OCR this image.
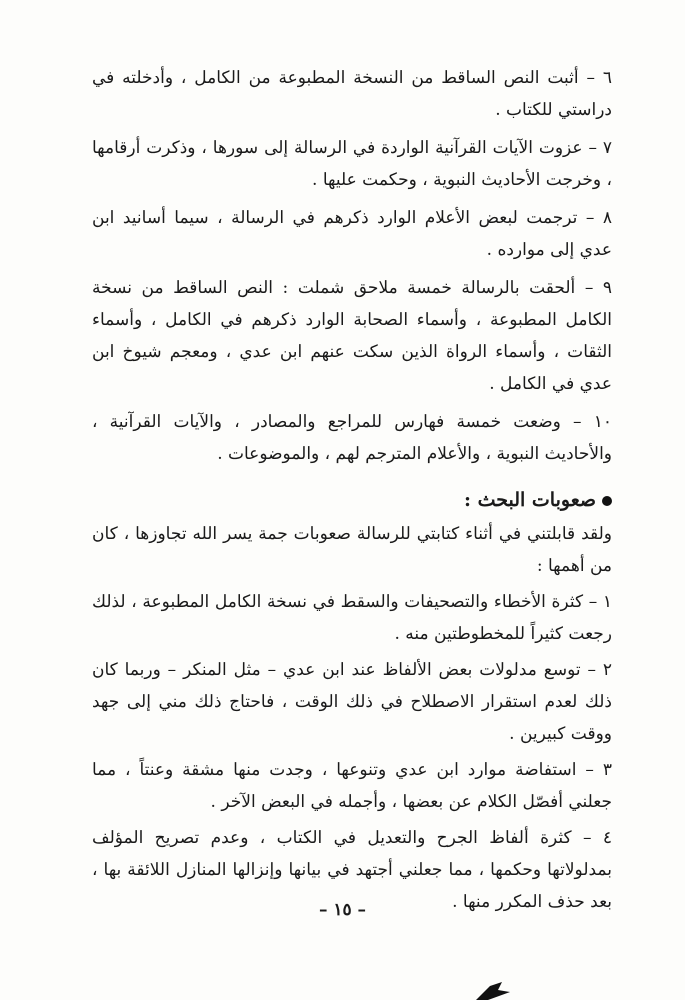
٦ – أثبت النص الساقط من النسخة المطبوعة من الكامل ، وأدخلته في دراستي للكتاب .

٧ – عزوت الآيات القرآنية الواردة في الرسالة إلى سورها ، وذكرت أرقامها ، وخرجت الأحاديث النبوية ، وحكمت عليها .

٨ – ترجمت لبعض الأعلام الوارد ذكرهم في الرسالة ، سيما أسانيد ابن عدي إلى موارده .

٩ – ألحقت بالرسالة خمسة ملاحق شملت : النص الساقط من نسخة الكامل المطبوعة ، وأسماء الصحابة الوارد ذكرهم في الكامل ، وأسماء الثقات ، وأسماء الرواة الذين سكت عنهم ابن عدي ، ومعجم شيوخ ابن عدي في الكامل .

١٠ – وضعت خمسة فهارس للمراجع والمصادر ، والآيات القرآنية ، والأحاديث النبوية ، والأعلام المترجم لهم ، والموضوعات .

صعوبات البحث :

ولقد قابلتني في أثناء كتابتي للرسالة صعوبات جمة يسر الله تجاوزها ، كان من أهمها :

١ – كثرة الأخطاء والتصحيفات والسقط في نسخة الكامل المطبوعة ، لذلك رجعت كثيراً للمخطوطتين منه .

٢ – توسع مدلولات بعض الألفاظ عند ابن عدي – مثل المنكر – وربما كان ذلك لعدم استقرار الاصطلاح في ذلك الوقت ، فاحتاج ذلك مني إلى جهد ووقت كبيرين .

٣ – استفاضة موارد ابن عدي وتنوعها ، وجدت منها مشقة وعنتاً ، مما جعلني أفصّل الكلام عن بعضها ، وأجمله في البعض الآخر .

٤ – كثرة ألفاظ الجرح والتعديل في الكتاب ، وعدم تصريح المؤلف بمدلولاتها وحكمها ، مما جعلني أجتهد في بيانها وإنزالها المنازل اللائقة بها ، بعد حذف المكرر منها .

– ١٥ –
